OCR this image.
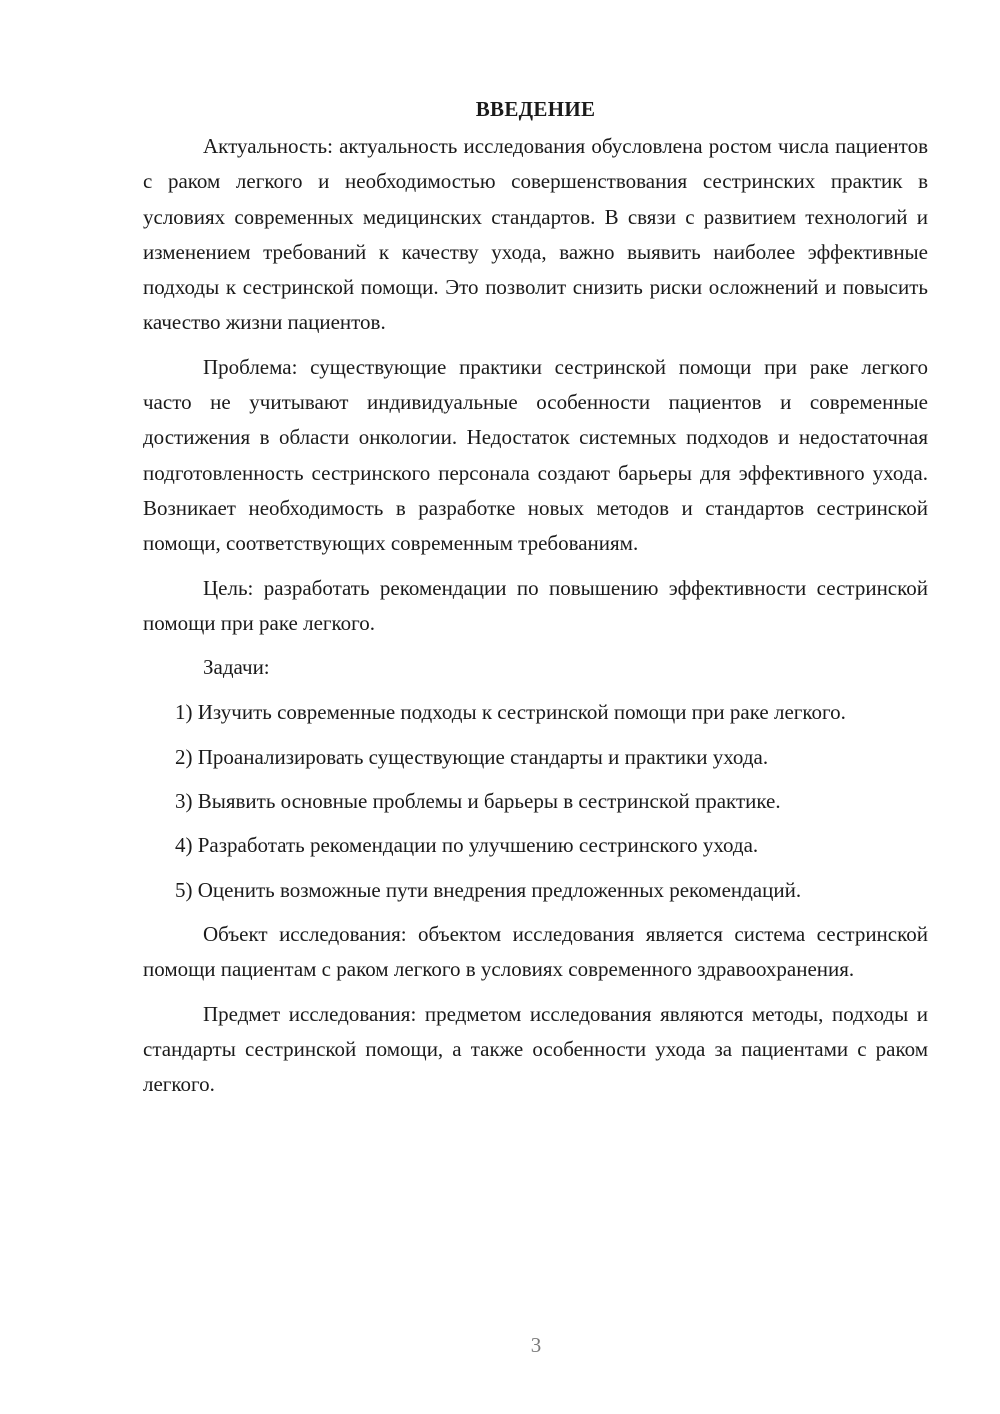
ВВЕДЕНИЕ

Актуальность: актуальность исследования обусловлена ростом числа пациентов с раком легкого и необходимостью совершенствования сестринских практик в условиях современных медицинских стандартов. В связи с развитием технологий и изменением требований к качеству ухода, важно выявить наиболее эффективные подходы к сестринской помощи. Это позволит снизить риски осложнений и повысить качество жизни пациентов.

Проблема: существующие практики сестринской помощи при раке легкого часто не учитывают индивидуальные особенности пациентов и современные достижения в области онкологии. Недостаток системных подходов и недостаточная подготовленность сестринского персонала создают барьеры для эффективного ухода. Возникает необходимость в разработке новых методов и стандартов сестринской помощи, соответствующих современным требованиям.

Цель: разработать рекомендации по повышению эффективности сестринской помощи при раке легкого.

Задачи:

1) Изучить современные подходы к сестринской помощи при раке легкого.

2) Проанализировать существующие стандарты и практики ухода.

3) Выявить основные проблемы и барьеры в сестринской практике.

4) Разработать рекомендации по улучшению сестринского ухода.

5) Оценить возможные пути внедрения предложенных рекомендаций.

Объект исследования: объектом исследования является система сестринской помощи пациентам с раком легкого в условиях современного здравоохранения.

Предмет исследования: предметом исследования являются методы, подходы и стандарты сестринской помощи, а также особенности ухода за пациентами с раком легкого.

3
